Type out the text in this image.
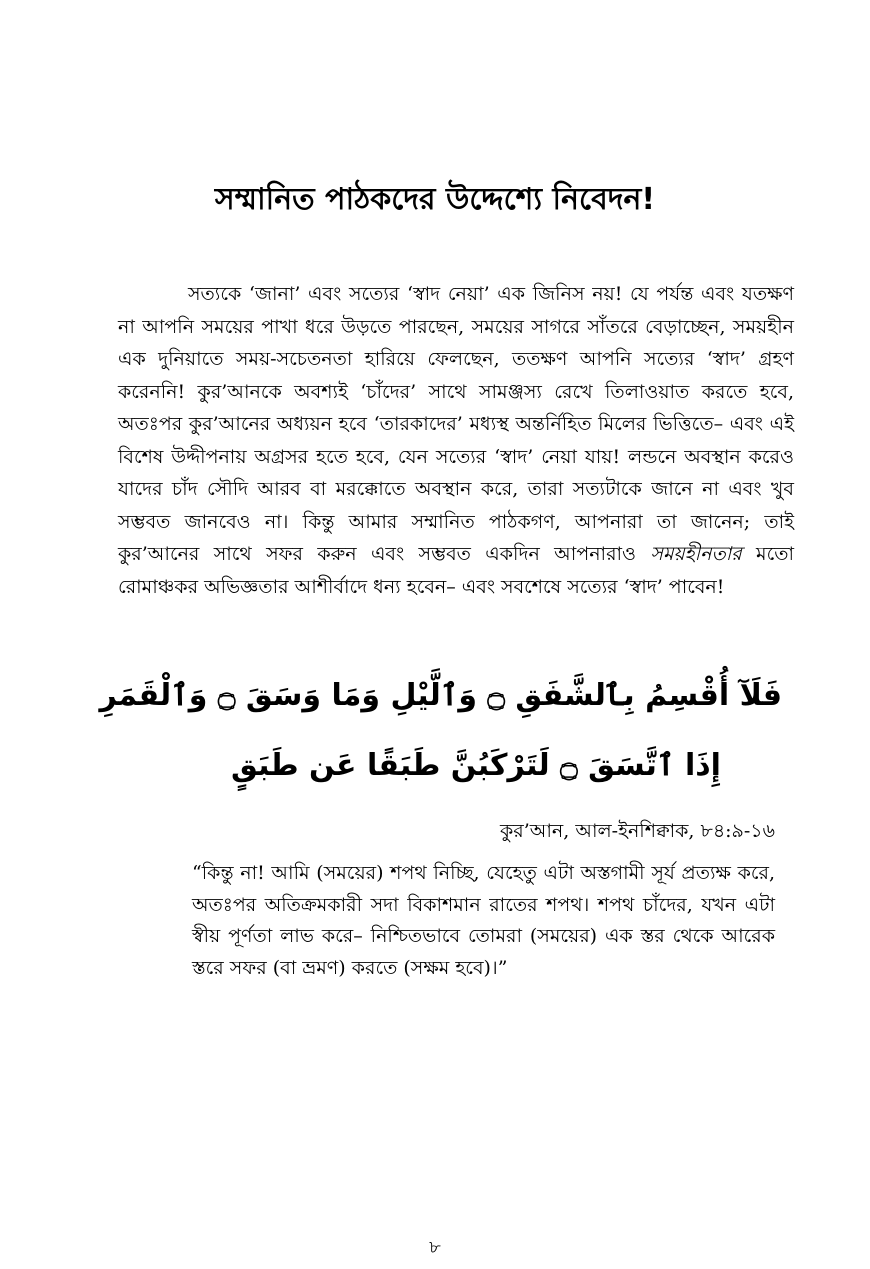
সম্মানিত পাঠকদের উদ্দেশ্যে নিবেদন!

সত্যকে ‘জানা’ এবং সত্যের ‘স্বাদ নেয়া’ এক জিনিস নয়! যে পর্যন্ত এবং যতক্ষণ না আপনি সময়ের পাখা ধরে উড়তে পারছেন, সময়ের সাগরে সাঁতরে বেড়াচ্ছেন, সময়হীন এক দুনিয়াতে সময়-সচেতনতা হারিয়ে ফেলছেন, ততক্ষণ আপনি সত্যের ‘স্বাদ’ গ্রহণ করেননি! কুর’আনকে অবশ্যই ‘চাঁদের’ সাথে সামঞ্জস্য রেখে তিলাওয়াত করতে হবে, অতঃপর কুর’আনের অধ্যয়ন হবে ‘তারকাদের’ মধ্যস্থ অন্তর্নিহিত মিলের ভিত্তিতে– এবং এই বিশেষ উদ্দীপনায় অগ্রসর হতে হবে, যেন সত্যের ‘স্বাদ’ নেয়া যায়! লন্ডনে অবস্থান করেও যাদের চাঁদ সৌদি আরব বা মরক্কোতে অবস্থান করে, তারা সত্যটাকে জানে না এবং খুব সম্ভবত জানবেও না। কিন্তু আমার সম্মানিত পাঠকগণ, আপনারা তা জানেন; তাই কুর’আনের সাথে সফর করুন এবং সম্ভবত একদিন আপনারাও সময়হীনতার মতো রোমাঞ্চকর অভিজ্ঞতার আশীর্বাদে ধন্য হবেন– এবং সবশেষে সত্যের ‘স্বাদ’ পাবেন!

فَلَآ أُقْسِمُ بِٱلشَّفَقِ ۝ وَٱلَّيْلِ وَمَا وَسَقَ ۝ وَٱلْقَمَرِ

إِذَا ٱتَّسَقَ ۝ لَتَرْكَبُنَّ طَبَقًا عَن طَبَقٍ

কুর’আন, আল-ইনশিক্বাক, ৮৪:৯-১৬

“কিন্তু না! আমি (সময়ের) শপথ নিচ্ছি, যেহেতু এটা অস্তগামী সূর্য প্রত্যক্ষ করে, অতঃপর অতিক্রমকারী সদা বিকাশমান রাতের শপথ। শপথ চাঁদের, যখন এটা স্বীয় পূর্ণতা লাভ করে– নিশ্চিতভাবে তোমরা (সময়ের) এক স্তর থেকে আরেক স্তরে সফর (বা ভ্রমণ) করতে (সক্ষম হবে)।”

৮
